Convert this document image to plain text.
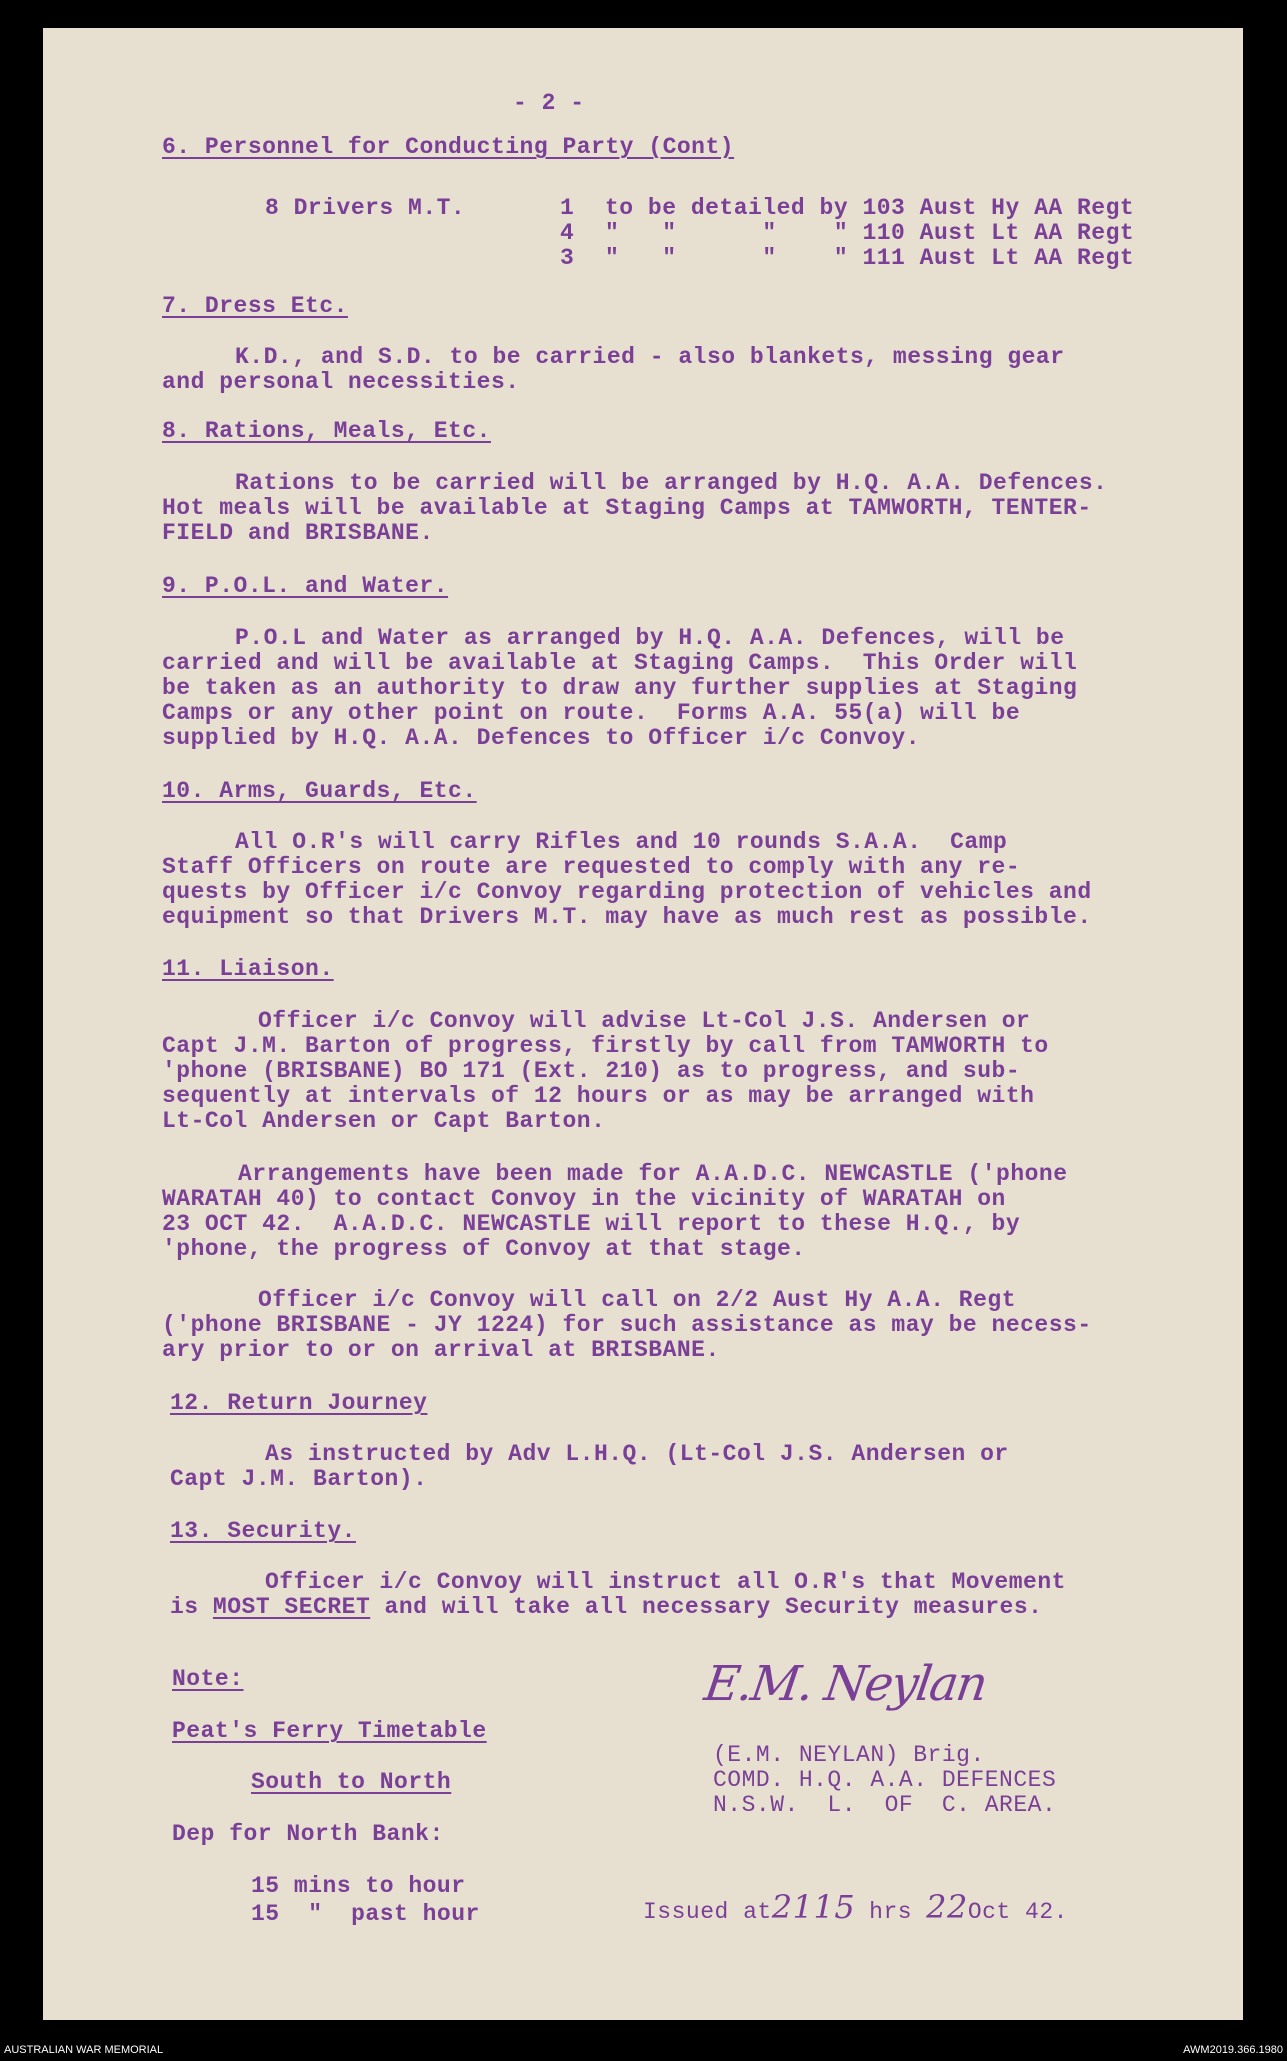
- 2 -
6. Personnel for Conducting Party (Cont)
8 Drivers M.T.	1 to be detailed by 103 Aust Hy AA Regt
4 "   "      "    " 110 Aust Lt AA Regt
3 "   "      "    " 111 Aust Lt AA Regt
7. Dress Etc.
K.D., and S.D. to be carried - also blankets, messing gear
and personal necessities.
8. Rations, Meals, Etc.
Rations to be carried will be arranged by H.Q. A.A. Defences.
Hot meals will be available at Staging Camps at TAMWORTH, TENTER-
FIELD and BRISBANE.
9. P.O.L. and Water.
P.O.L and Water as arranged by H.Q. A.A. Defences, will be
carried and will be available at Staging Camps.  This Order will
be taken as an authority to draw any further supplies at Staging
Camps or any other point on route.  Forms A.A. 55(a) will be
supplied by H.Q. A.A. Defences to Officer i/c Convoy.
10. Arms, Guards, Etc.
All O.R's will carry Rifles and 10 rounds S.A.A.  Camp
Staff Officers on route are requested to comply with any re-
quests by Officer i/c Convoy regarding protection of vehicles and
equipment so that Drivers M.T. may have as much rest as possible.
11. Liaison.
Officer i/c Convoy will advise Lt-Col J.S. Andersen or
Capt J.M. Barton of progress, firstly by call from TAMWORTH to
'phone (BRISBANE) BO 171 (Ext. 210) as to progress, and sub-
sequently at intervals of 12 hours or as may be arranged with
Lt-Col Andersen or Capt Barton.
Arrangements have been made for A.A.D.C. NEWCASTLE ('phone
WARATAH 40) to contact Convoy in the vicinity of WARATAH on
23 OCT 42.  A.A.D.C. NEWCASTLE will report to these H.Q., by
'phone, the progress of Convoy at that stage.
Officer i/c Convoy will call on 2/2 Aust Hy A.A. Regt
('phone BRISBANE - JY 1224) for such assistance as may be necess-
ary prior to or on arrival at BRISBANE.
12. Return Journey
As instructed by Adv L.H.Q. (Lt-Col J.S. Andersen or
Capt J.M. Barton).
13. Security.
Officer i/c Convoy will instruct all O.R's that Movement
is MOST SECRET and will take all necessary Security measures.
Note:
Peat's Ferry Timetable
South to North
Dep for North Bank:
15 mins to hour
15  "  past hour
E.M. Neylan
(E.M. NEYLAN) Brig.
COMD. H.Q. A.A. DEFENCES
N.S.W.  L.  OF  C. AREA.
Issued at2115 hrs 22Oct 42.
AUSTRALIAN WAR MEMORIAL	AWM2019.366.1980
